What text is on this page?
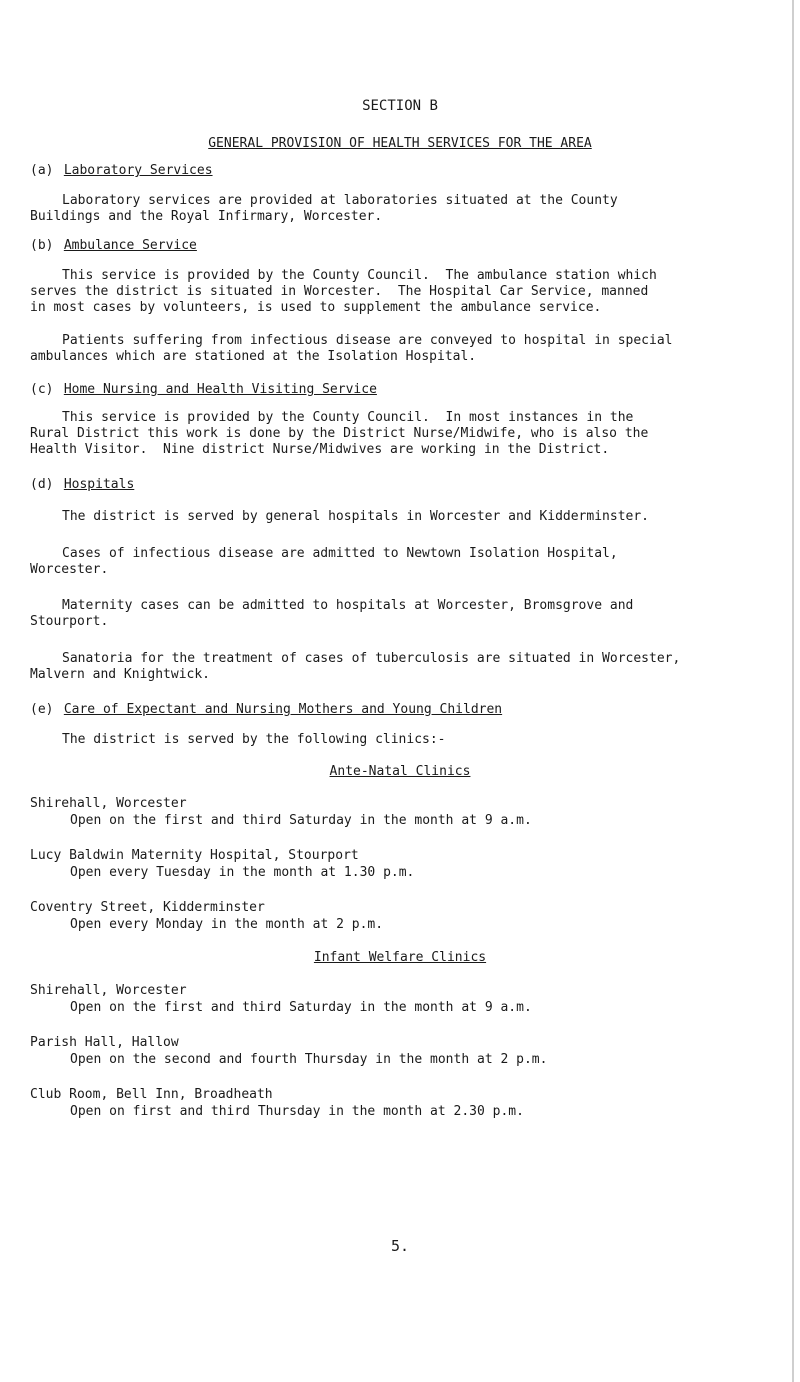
SECTION B
GENERAL PROVISION OF HEALTH SERVICES FOR THE AREA
(a) Laboratory Services
Laboratory services are provided at laboratories situated at the County
Buildings and the Royal Infirmary, Worcester.
(b) Ambulance Service
This service is provided by the County Council.  The ambulance station which
serves the district is situated in Worcester.  The Hospital Car Service, manned
in most cases by volunteers, is used to supplement the ambulance service.
Patients suffering from infectious disease are conveyed to hospital in special
ambulances which are stationed at the Isolation Hospital.
(c) Home Nursing and Health Visiting Service
This service is provided by the County Council.  In most instances in the
Rural District this work is done by the District Nurse/Midwife, who is also the
Health Visitor.  Nine district Nurse/Midwives are working in the District.
(d) Hospitals
The district is served by general hospitals in Worcester and Kidderminster.
Cases of infectious disease are admitted to Newtown Isolation Hospital,
Worcester.
Maternity cases can be admitted to hospitals at Worcester, Bromsgrove and
Stourport.
Sanatoria for the treatment of cases of tuberculosis are situated in Worcester,
Malvern and Knightwick.
(e) Care of Expectant and Nursing Mothers and Young Children
The district is served by the following clinics:-
Ante-Natal Clinics
Shirehall, Worcester
Open on the first and third Saturday in the month at 9 a.m.
Lucy Baldwin Maternity Hospital, Stourport
Open every Tuesday in the month at 1.30 p.m.
Coventry Street, Kidderminster
Open every Monday in the month at 2 p.m.
Infant Welfare Clinics
Shirehall, Worcester
Open on the first and third Saturday in the month at 9 a.m.
Parish Hall, Hallow
Open on the second and fourth Thursday in the month at 2 p.m.
Club Room, Bell Inn, Broadheath
Open on first and third Thursday in the month at 2.30 p.m.
5.
